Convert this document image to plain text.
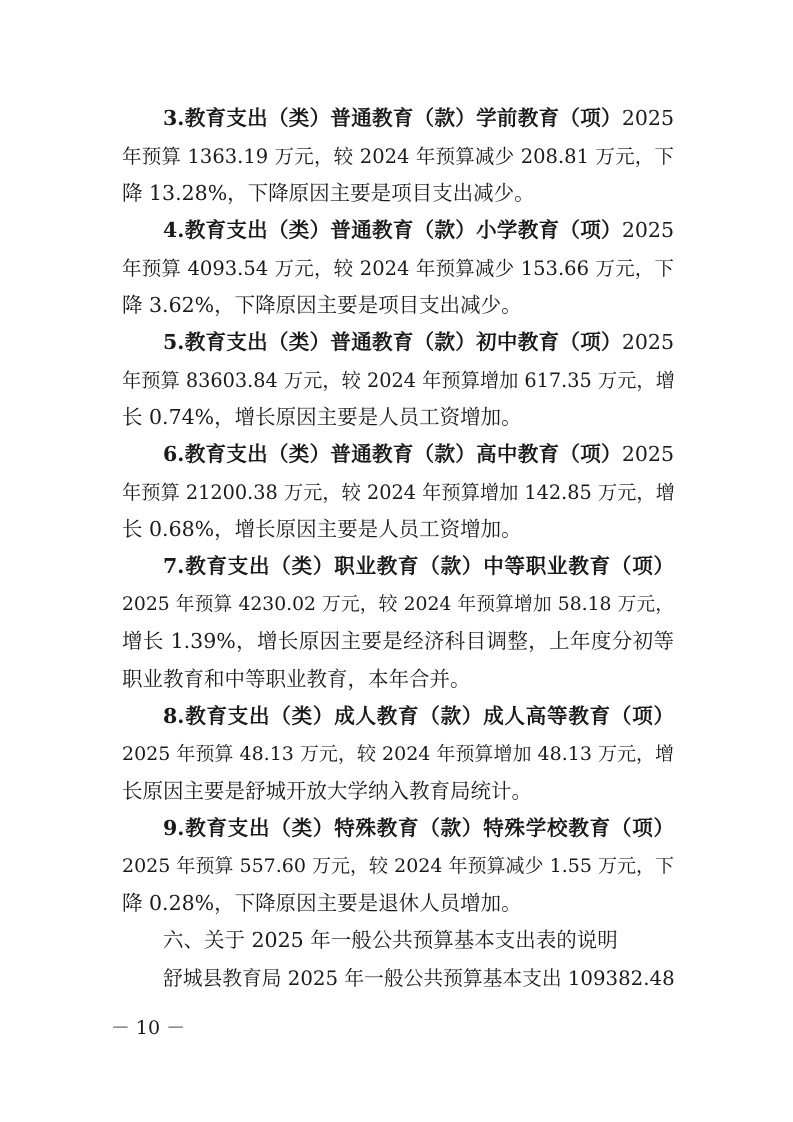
3.教育支出（类）普通教育（款）学前教育（项）2025
年预算 1363.19 万元，较 2024 年预算减少 208.81 万元，下
降 13.28%，下降原因主要是项目支出减少。
4.教育支出（类）普通教育（款）小学教育（项）2025
年预算 4093.54 万元，较 2024 年预算减少 153.66 万元，下
降 3.62%，下降原因主要是项目支出减少。
5.教育支出（类）普通教育（款）初中教育（项）2025
年预算 83603.84 万元，较 2024 年预算增加 617.35 万元，增
长 0.74%，增长原因主要是人员工资增加。
6.教育支出（类）普通教育（款）高中教育（项）2025
年预算 21200.38 万元，较 2024 年预算增加 142.85 万元，增
长 0.68%，增长原因主要是人员工资增加。
7.教育支出（类）职业教育（款）中等职业教育（项）
2025 年预算 4230.02 万元，较 2024 年预算增加 58.18 万元，
增长 1.39%，增长原因主要是经济科目调整，上年度分初等
职业教育和中等职业教育，本年合并。
8.教育支出（类）成人教育（款）成人高等教育（项）
2025 年预算 48.13 万元，较 2024 年预算增加 48.13 万元，增
长原因主要是舒城开放大学纳入教育局统计。
9.教育支出（类）特殊教育（款）特殊学校教育（项）
2025 年预算 557.60 万元，较 2024 年预算减少 1.55 万元，下
降 0.28%，下降原因主要是退休人员增加。
六、关于 2025 年一般公共预算基本支出表的说明
舒城县教育局 2025 年一般公共预算基本支出 109382.48
－ 10 －
